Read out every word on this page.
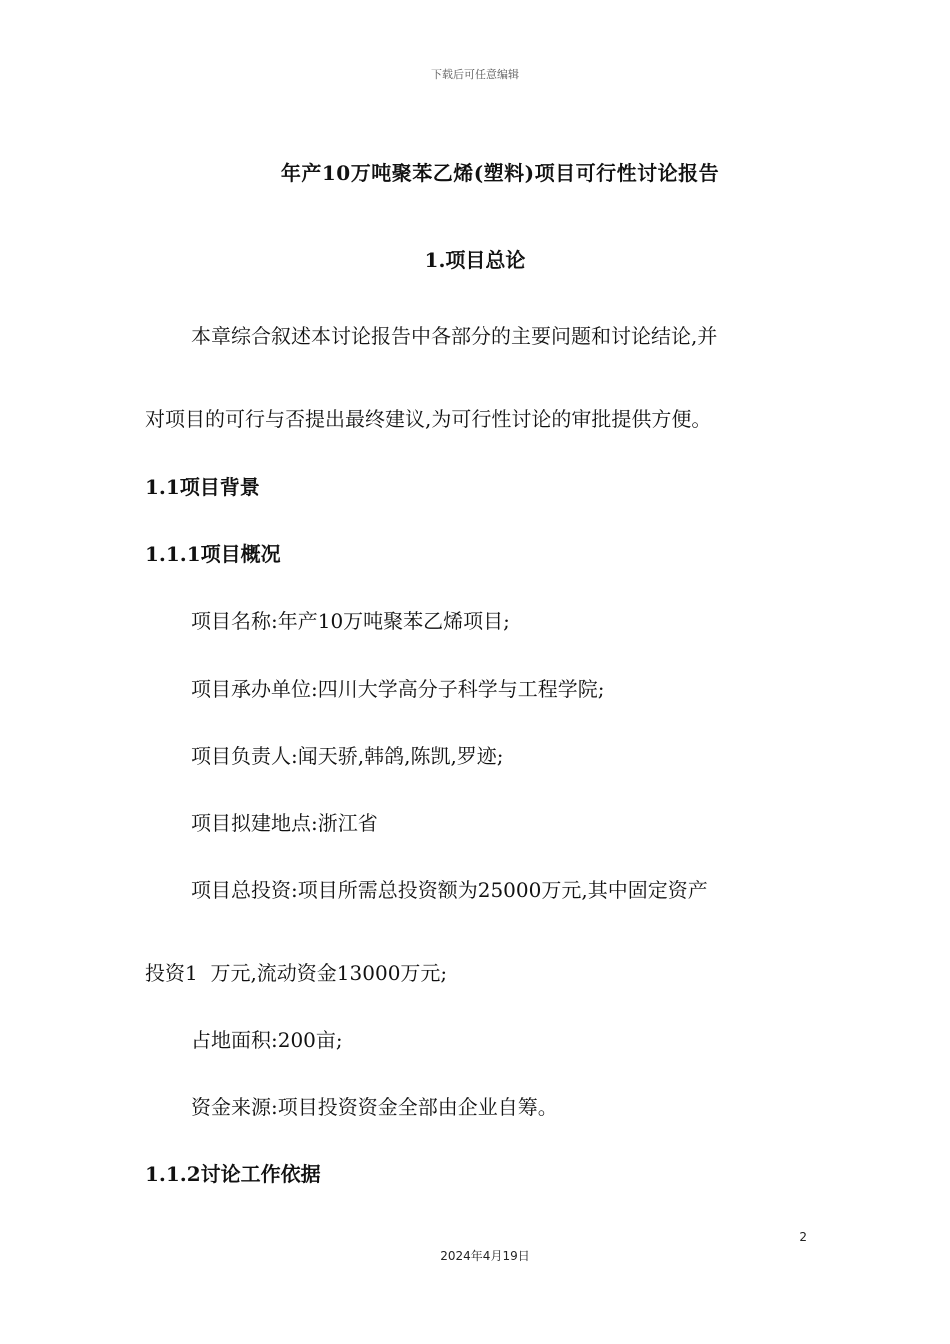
下载后可任意编辑
年产10万吨聚苯乙烯(塑料)项目可行性讨论报告
1.项目总论
本章综合叙述本讨论报告中各部分的主要问题和讨论结论,并
对项目的可行与否提出最终建议,为可行性讨论的审批提供方便。
1.1项目背景
1.1.1项目概况
项目名称:年产10万吨聚苯乙烯项目;
项目承办单位:四川大学高分子科学与工程学院;
项目负责人:闻天骄,韩鸽,陈凯,罗迹;
项目拟建地点:浙江省
项目总投资:项目所需总投资额为25000万元,其中固定资产
投资1  万元,流动资金13000万元;
占地面积:200亩;
资金来源:项目投资资金全部由企业自筹。
1.1.2讨论工作依据
2
2024年4月19日
